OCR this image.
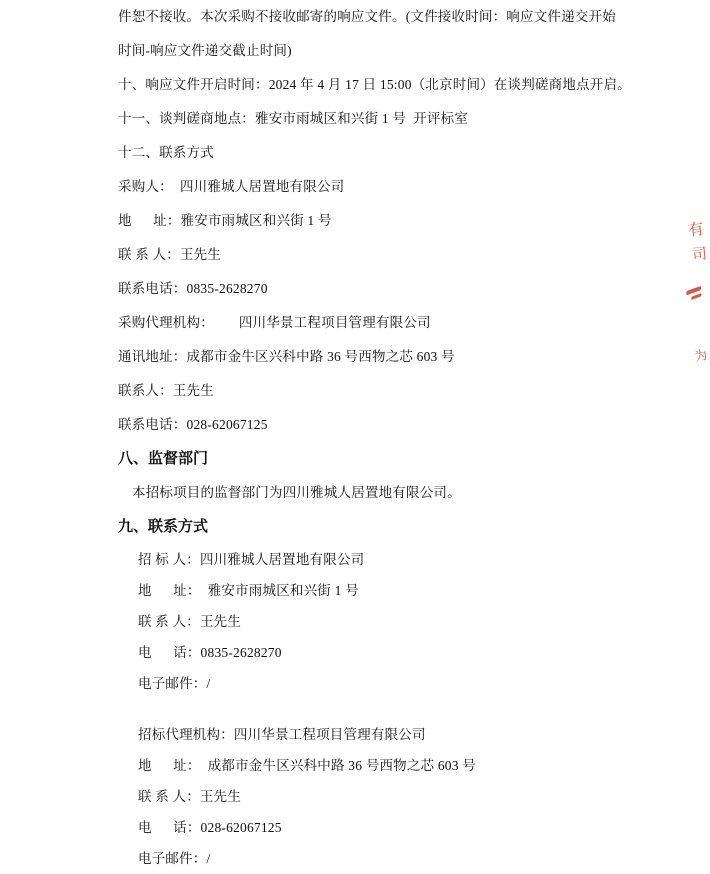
件恕不接收。本次采购不接收邮寄的响应文件。(文件接收时间：响应文件递交开始时间-响应文件递交截止时间)

十、响应文件开启时间：2024 年 4 月 17 日 15:00（北京时间）在谈判磋商地点开启。

十一、谈判磋商地点：雅安市雨城区和兴街 1 号  开评标室

十二、联系方式

采购人：  四川雅城人居置地有限公司

地      址：雅安市雨城区和兴街 1 号

联 系 人：王先生

联系电话：0835-2628270

采购代理机构：       四川华景工程项目管理有限公司

通讯地址：成都市金牛区兴科中路 36 号西物之芯 603 号

联系人：王先生

联系电话：028-62067125

八、监督部门

本招标项目的监督部门为四川雅城人居置地有限公司。

九、联系方式

招 标 人：四川雅城人居置地有限公司

地      址：  雅安市雨城区和兴街 1 号

联 系 人：王先生

电      话：0835-2628270

电子邮件：/

招标代理机构：四川华景工程项目管理有限公司

地      址：  成都市金牛区兴科中路 36 号西物之芯 603 号

联 系 人：王先生

电      话：028-62067125

电子邮件：/

有
司
为
